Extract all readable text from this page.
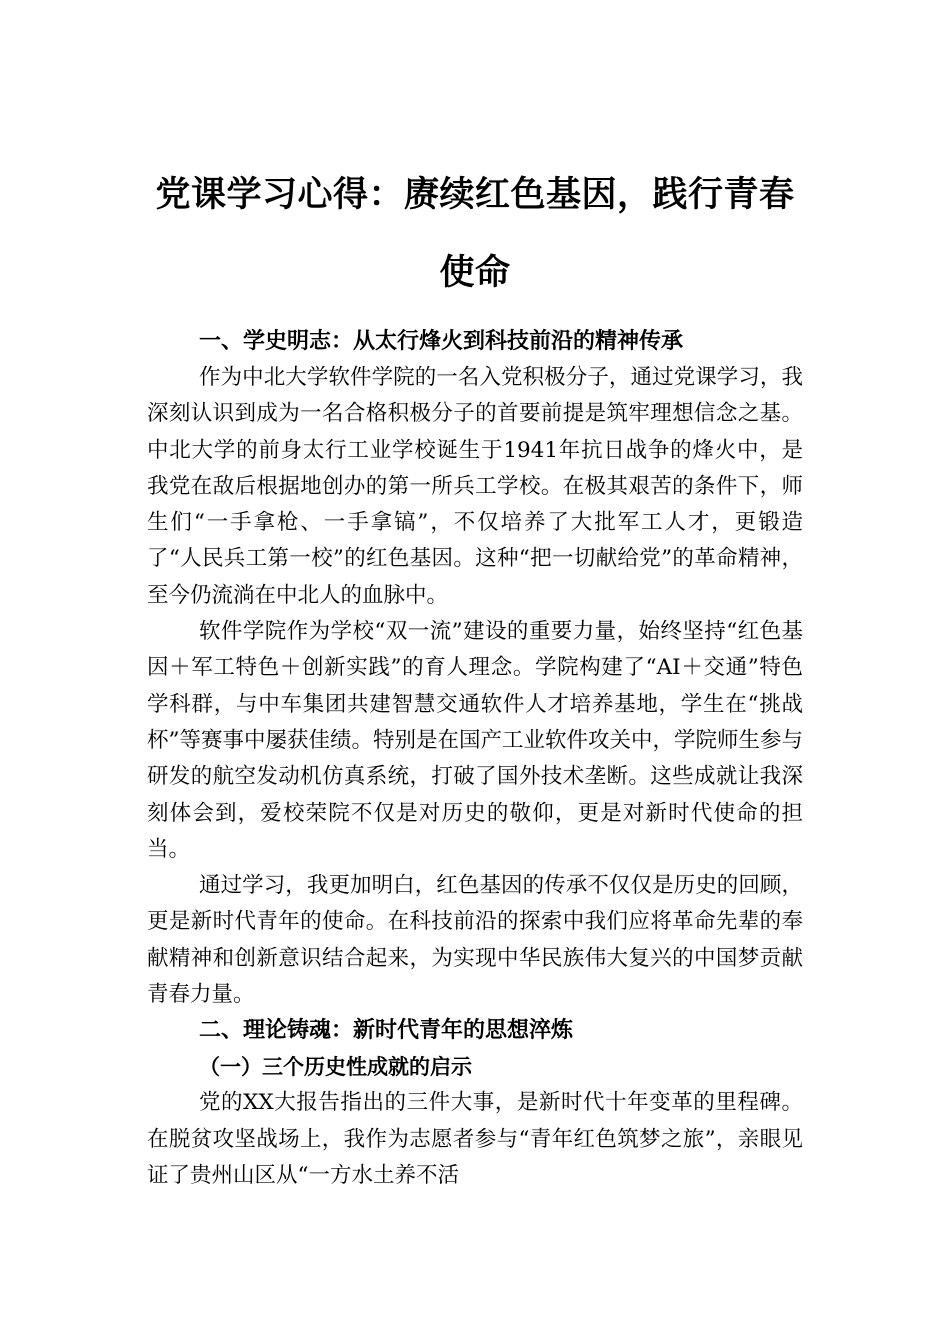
党课学习心得：赓续红色基因，践行青春使命
一、学史明志：从太行烽火到科技前沿的精神传承

作为中北大学软件学院的一名入党积极分子，通过党课学习，我深刻认识到成为一名合格积极分子的首要前提是筑牢理想信念之基。中北大学的前身太行工业学校诞生于1941年抗日战争的烽火中，是我党在敌后根据地创办的第一所兵工学校。在极其艰苦的条件下，师生们“一手拿枪、一手拿镐”，不仅培养了大批军工人才，更锻造了“人民兵工第一校”的红色基因。这种“把一切献给党”的革命精神，至今仍流淌在中北人的血脉中。

软件学院作为学校“双一流”建设的重要力量，始终坚持“红色基因＋军工特色＋创新实践”的育人理念。学院构建了“AI＋交通”特色学科群，与中车集团共建智慧交通软件人才培养基地，学生在“挑战杯”等赛事中屡获佳绩。特别是在国产工业软件攻关中，学院师生参与研发的航空发动机仿真系统，打破了国外技术垄断。这些成就让我深刻体会到，爱校荣院不仅是对历史的敬仰，更是对新时代使命的担当。

通过学习，我更加明白，红色基因的传承不仅仅是历史的回顾，更是新时代青年的使命。在科技前沿的探索中我们应将革命先辈的奉献精神和创新意识结合起来，为实现中华民族伟大复兴的中国梦贡献青春力量。

二、理论铸魂：新时代青年的思想淬炼
（一）三个历史性成就的启示

党的XX大报告指出的三件大事，是新时代十年变革的里程碑。在脱贫攻坚战场上，我作为志愿者参与“青年红色筑梦之旅”，亲眼见证了贵州山区从“一方水土养不活
